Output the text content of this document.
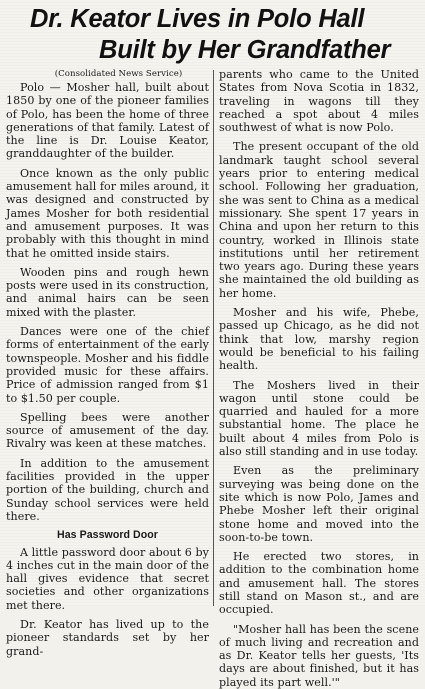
Dr. Keator Lives in Polo Hall
Built by Her Grandfather
(Consolidated News Service)

Polo — Mosher hall, built about 1850 by one of the pioneer families of Polo, has been the home of three generations of that family. Latest of the line is Dr. Louise Keator, granddaughter of the builder.

Once known as the only public amusement hall for miles around, it was designed and constructed by James Mosher for both residential and amusement purposes. It was probably with this thought in mind that he omitted inside stairs.

Wooden pins and rough hewn posts were used in its construction, and animal hairs can be seen mixed with the plaster.

Dances were one of the chief forms of entertainment of the early townspeople. Mosher and his fiddle provided music for these affairs. Price of admission ranged from $1 to $1.50 per couple.

Spelling bees were another source of amusement of the day. Rivalry was keen at these matches.

In addition to the amusement facilities provided in the upper portion of the building, church and Sunday school services were held there.

Has Password Door

A little password door about 6 by 4 inches cut in the main door of the hall gives evidence that secret societies and other organizations met there.

Dr. Keator has lived up to the pioneer standards set by her grand-

parents who came to the United States from Nova Scotia in 1832, traveling in wagons till they reached a spot about 4 miles southwest of what is now Polo.

The present occupant of the old landmark taught school several years prior to entering medical school. Following her graduation, she was sent to China as a medical missionary. She spent 17 years in China and upon her return to this country, worked in Illinois state institutions until her retirement two years ago. During these years she maintained the old building as her home.

Mosher and his wife, Phebe, passed up Chicago, as he did not think that low, marshy region would be beneficial to his failing health.

The Moshers lived in their wagon until stone could be quarried and hauled for a more substantial home. The place he built about 4 miles from Polo is also still standing and in use today.

Even as the preliminary surveying was being done on the site which is now Polo, James and Phebe Mosher left their original stone home and moved into the soon-to-be town.

He erected two stores, in addition to the combination home and amusement hall. The stores still stand on Mason st., and are occupied.

"Mosher hall has been the scene of much living and recreation and as Dr. Keator tells her guests, 'Its days are about finished, but it has played its part well.'"
